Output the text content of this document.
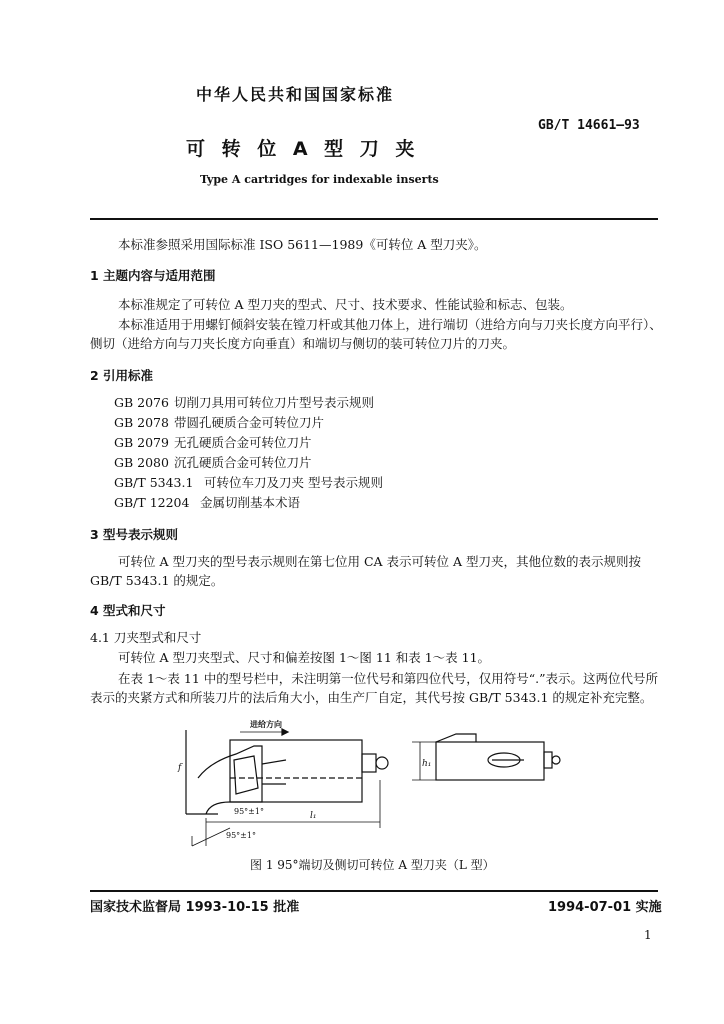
中华人民共和国国家标准
GB/T 14661—93
可 转 位 A 型 刀 夹
Type A cartridges for indexable inserts
本标准参照采用国际标准 ISO 5611—1989《可转位 A 型刀夹》。
1 主题内容与适用范围
本标准规定了可转位 A 型刀夹的型式、尺寸、技术要求、性能试验和标志、包装。
本标准适用于用螺钉倾斜安装在镗刀杆或其他刀体上，进行端切（进给方向与刀夹长度方向平行）、
侧切（进给方向与刀夹长度方向垂直）和端切与侧切的装可转位刀片的刀夹。
2 引用标准
GB 2076 切削刀具用可转位刀片型号表示规则
GB 2078 带圆孔硬质合金可转位刀片
GB 2079 无孔硬质合金可转位刀片
GB 2080 沉孔硬质合金可转位刀片
GB/T 5343.1 可转位车刀及刀夹 型号表示规则
GB/T 12204 金属切削基本术语
3 型号表示规则
可转位 A 型刀夹的型号表示规则在第七位用 CA 表示可转位 A 型刀夹，其他位数的表示规则按
GB/T 5343.1 的规定。
4 型式和尺寸
4.1 刀夹型式和尺寸
可转位 A 型刀夹型式、尺寸和偏差按图 1～图 11 和表 1～表 11。
在表 1～表 11 中的型号栏中，未注明第一位代号和第四位代号，仅用符号“.”表示。这两位代号所
表示的夹紧方式和所装刀片的法后角大小，由生产厂自定，其代号按 GB/T 5343.1 的规定补充完整。
进给方向
95°±1°
95°±1°
l₁
f	h₁
图 1 95°端切及侧切可转位 A 型刀夹（L 型）
国家技术监督局 1993-10-15 批准	1994-07-01 实施
1
